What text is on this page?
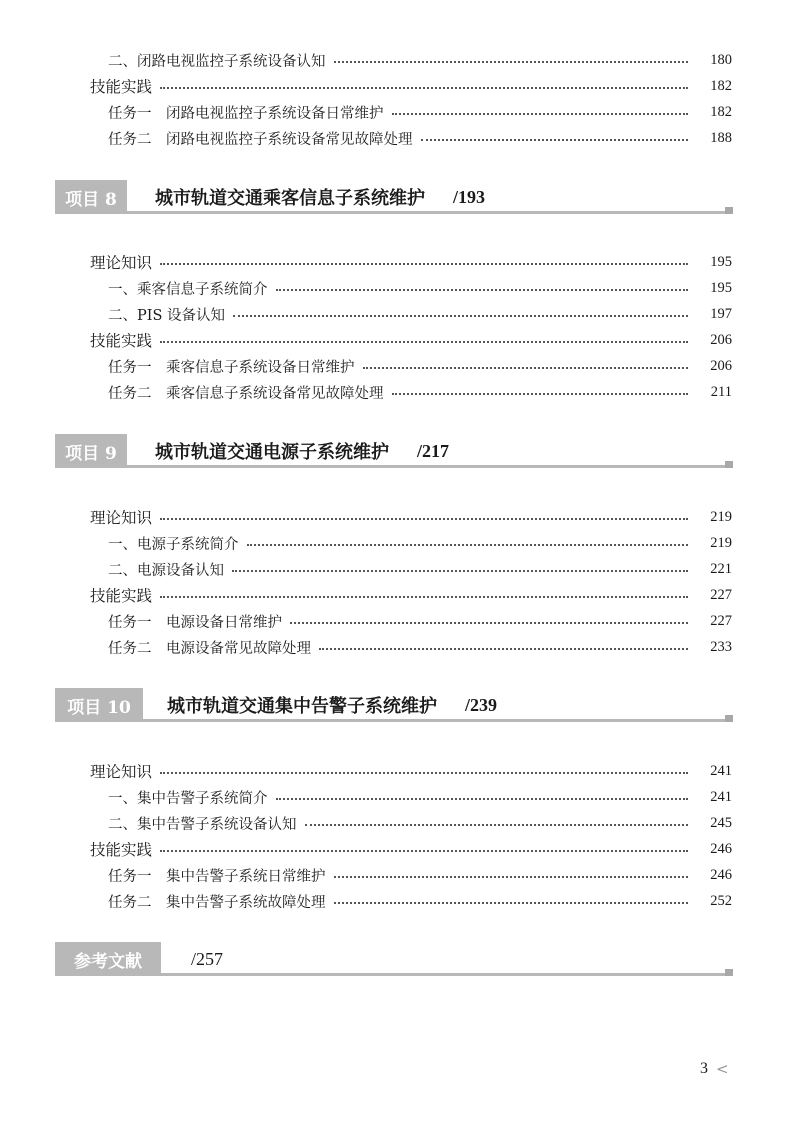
二、闭路电视监控子系统设备认知	180
技能实践	182
任务一　闭路电视监控子系统设备日常维护	182
任务二　闭路电视监控子系统设备常见故障处理	188
项目 8	城市轨道交通乘客信息子系统维护 /193
理论知识	195
一、乘客信息子系统简介	195
二、PIS 设备认知	197
技能实践	206
任务一　乘客信息子系统设备日常维护	206
任务二　乘客信息子系统设备常见故障处理	211
项目 9	城市轨道交通电源子系统维护 /217
理论知识	219
一、电源子系统简介	219
二、电源设备认知	221
技能实践	227
任务一　电源设备日常维护	227
任务二　电源设备常见故障处理	233
项目 10	城市轨道交通集中告警子系统维护 /239
理论知识	241
一、集中告警子系统简介	241
二、集中告警子系统设备认知	245
技能实践	246
任务一　集中告警子系统日常维护	246
任务二　集中告警子系统故障处理	252
参考文献	/257
3 <
